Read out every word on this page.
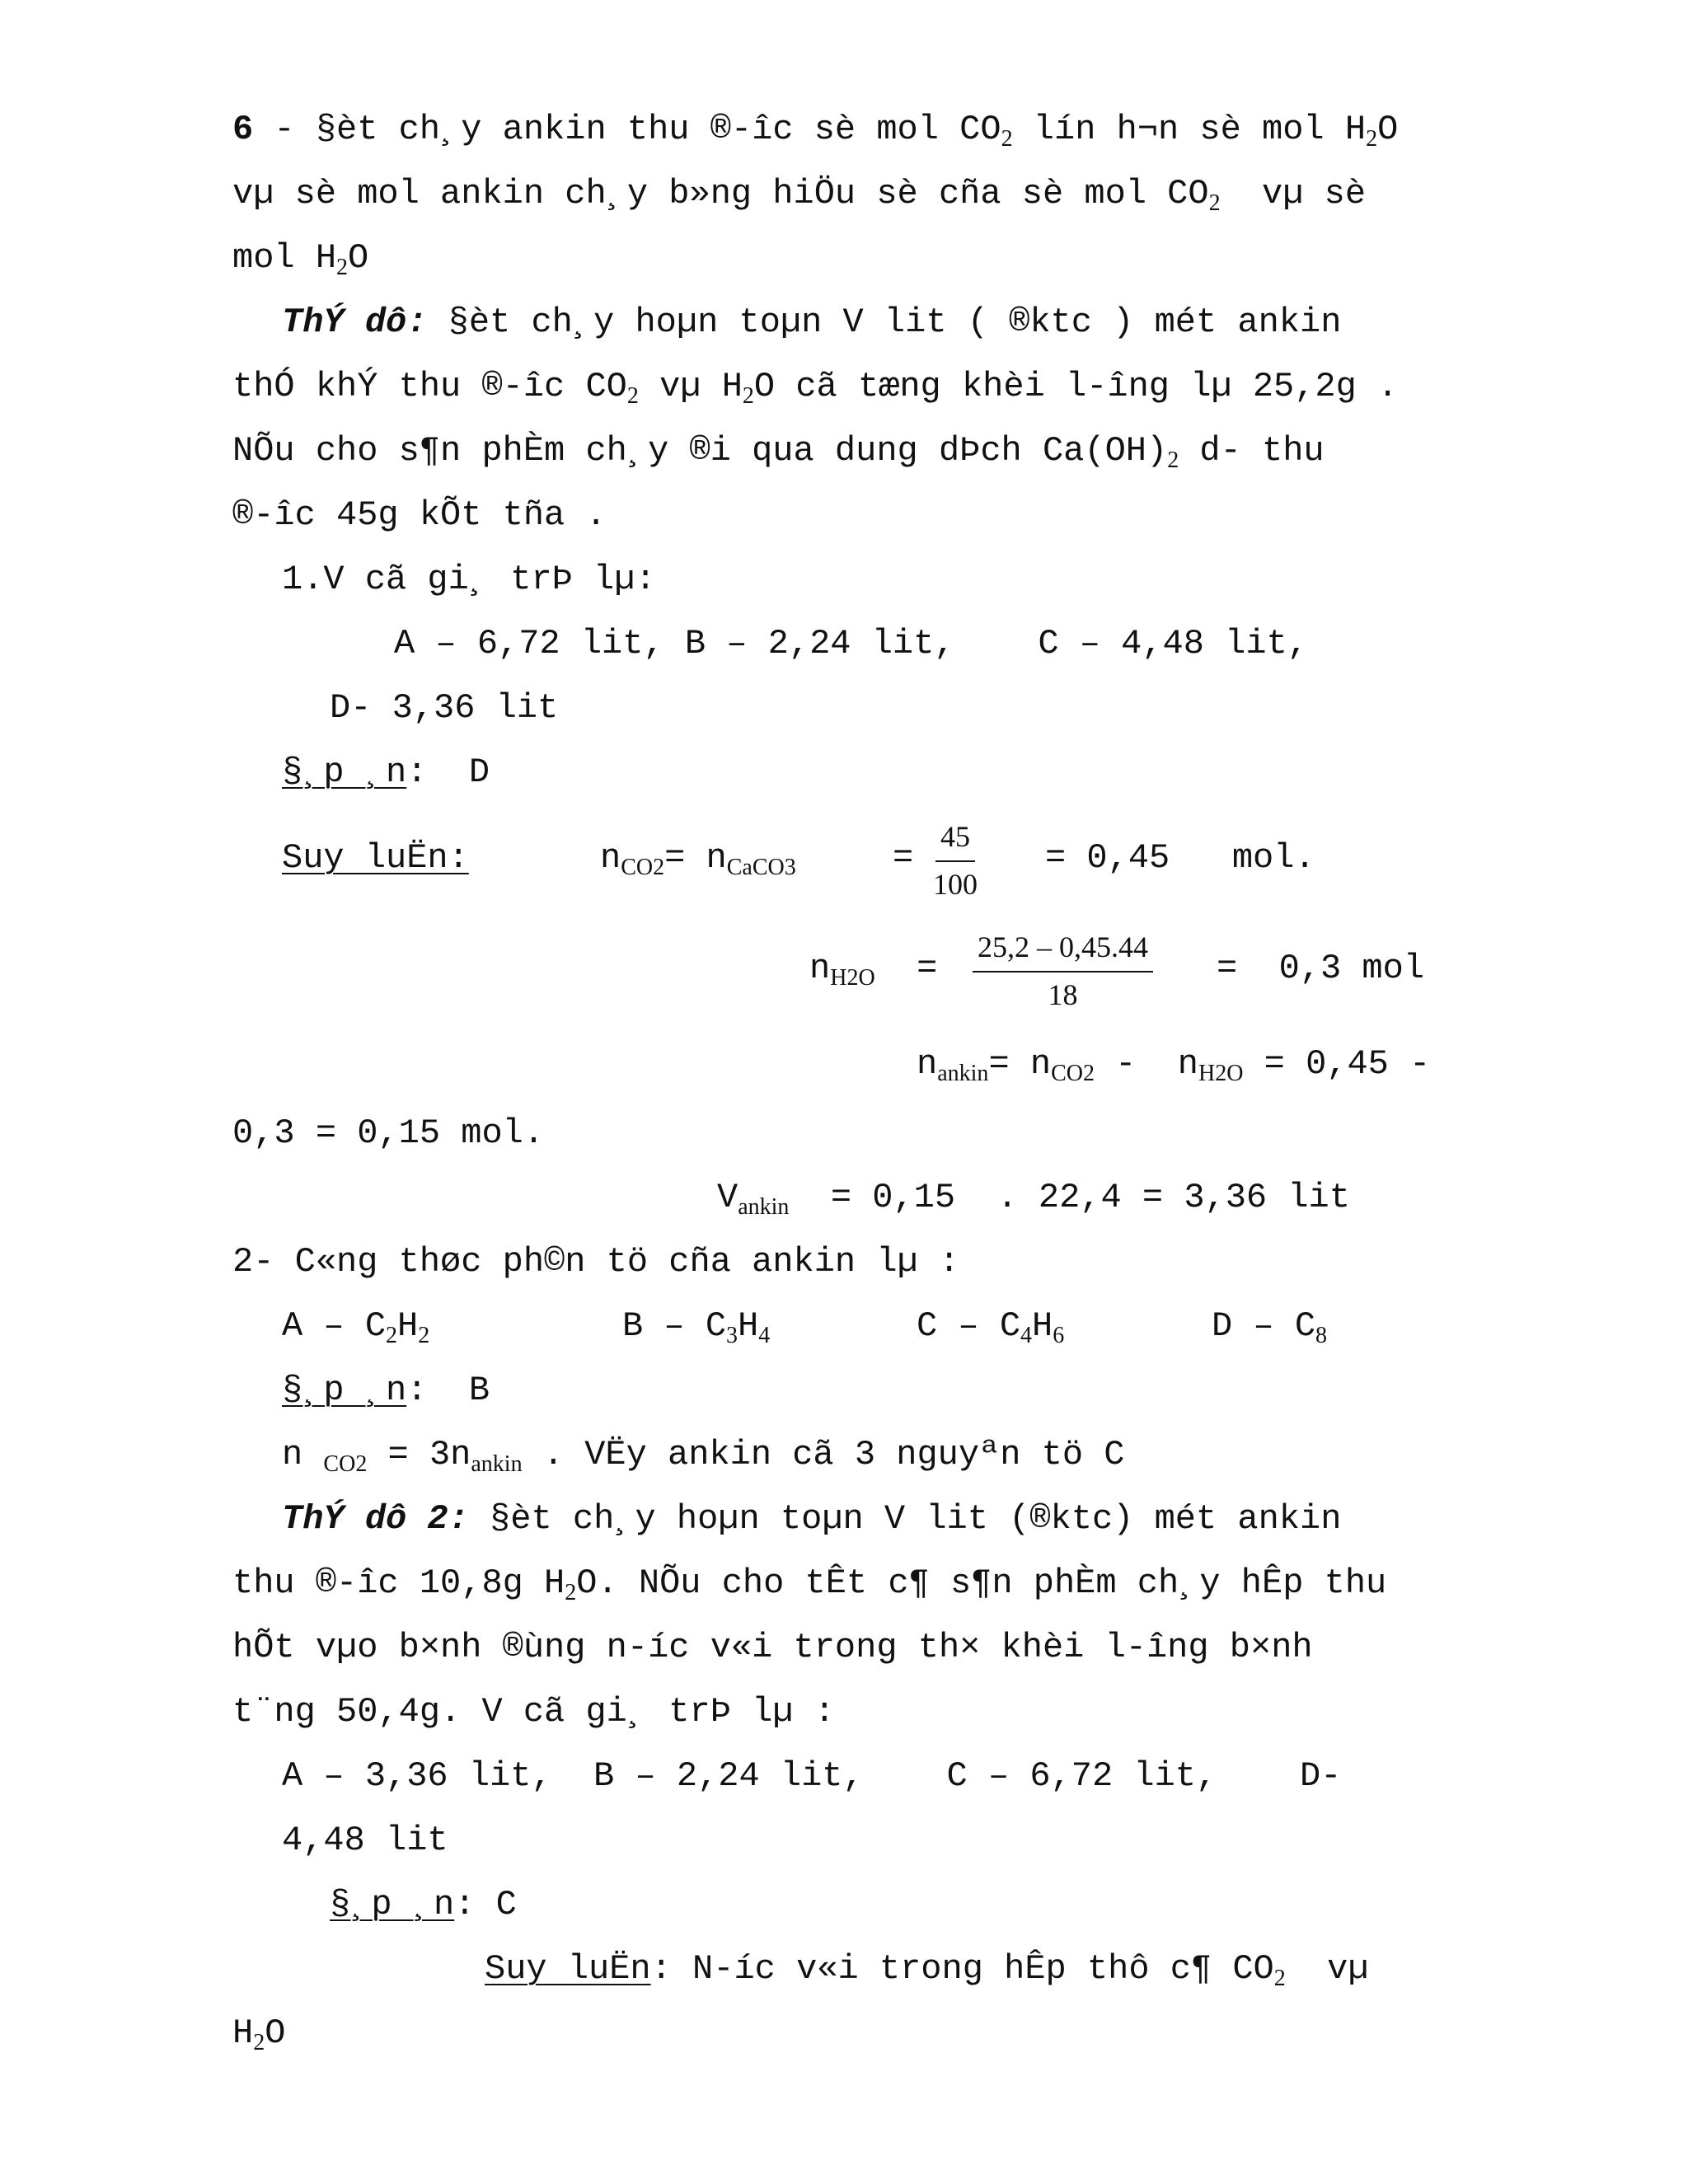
6 - §èt ch¸y ankin thu ®-îc sè mol $CO_2$ lín h¬n sè mol $H_2O$
vµ sè mol ankin ch¸y b»ng hiÖu sè cña sè mol $CO_2$  vµ sè
mol $H_2O$
ThÝ dô: §èt ch¸y hoµn toµn V lit ( ®ktc ) mét ankin
thÓ khÝ thu ®-îc $CO_2$ vµ $H_2O$ cã tæng khèi l-îng lµ 25,2g .
NÕu cho s¶n phÈm ch¸y ®i qua dung dÞch $Ca(OH)_2$ d- thu
®-îc 45g kÕt tña .
1.V cã gi¸ trÞ lµ:
A – 6,72 lit, B – 2,24 lit,    C – 4,48 lit,
D- 3,36 lit
§¸p ¸n:  D
Suy luËn:	$n_{CO2}= n_{CaCO3}$	= $\frac{45}{100} = 0,45$   mol.
$n_{H2O} = \frac{25,2 - 0,45.44}{18} = 0,3$ mol
$n_{ankin}= n_{CO2} - n_{H2O} = 0,45$ -
0,3 = 0,15 mol.
$V_{ankin} = 0,15$  . 22,4 = 3,36 lit
2- C«ng thøc ph©n tö cña ankin lµ :
A – $C_2H_2$	B – $C_3H_4$	C – $C_4H_6$	D – $C_8$
§¸p ¸n:  B
n $_{CO2} = 3n_{ankin}$ . VËy ankin cã 3 nguyªn tö C
ThÝ dô 2: §èt ch¸y hoµn toµn V lit (®ktc) mét ankin
thu ®-îc 10,8g $H_2O$. NÕu cho tÊt c¶ s¶n phÈm ch¸y hÊp thu
hÕt vµo b×nh ®ùng n-íc v«i trong th× khèi l-îng b×nh
t¨ng 50,4g. V cã gi¸ trÞ lµ :
A – 3,36 lit,  B – 2,24 lit,    C – 6,72 lit,    D-
4,48 lit
§¸p ¸n: C
Suy luËn: N-íc v«i trong hÊp thô c¶ $CO_2$  vµ
$H_2O$
